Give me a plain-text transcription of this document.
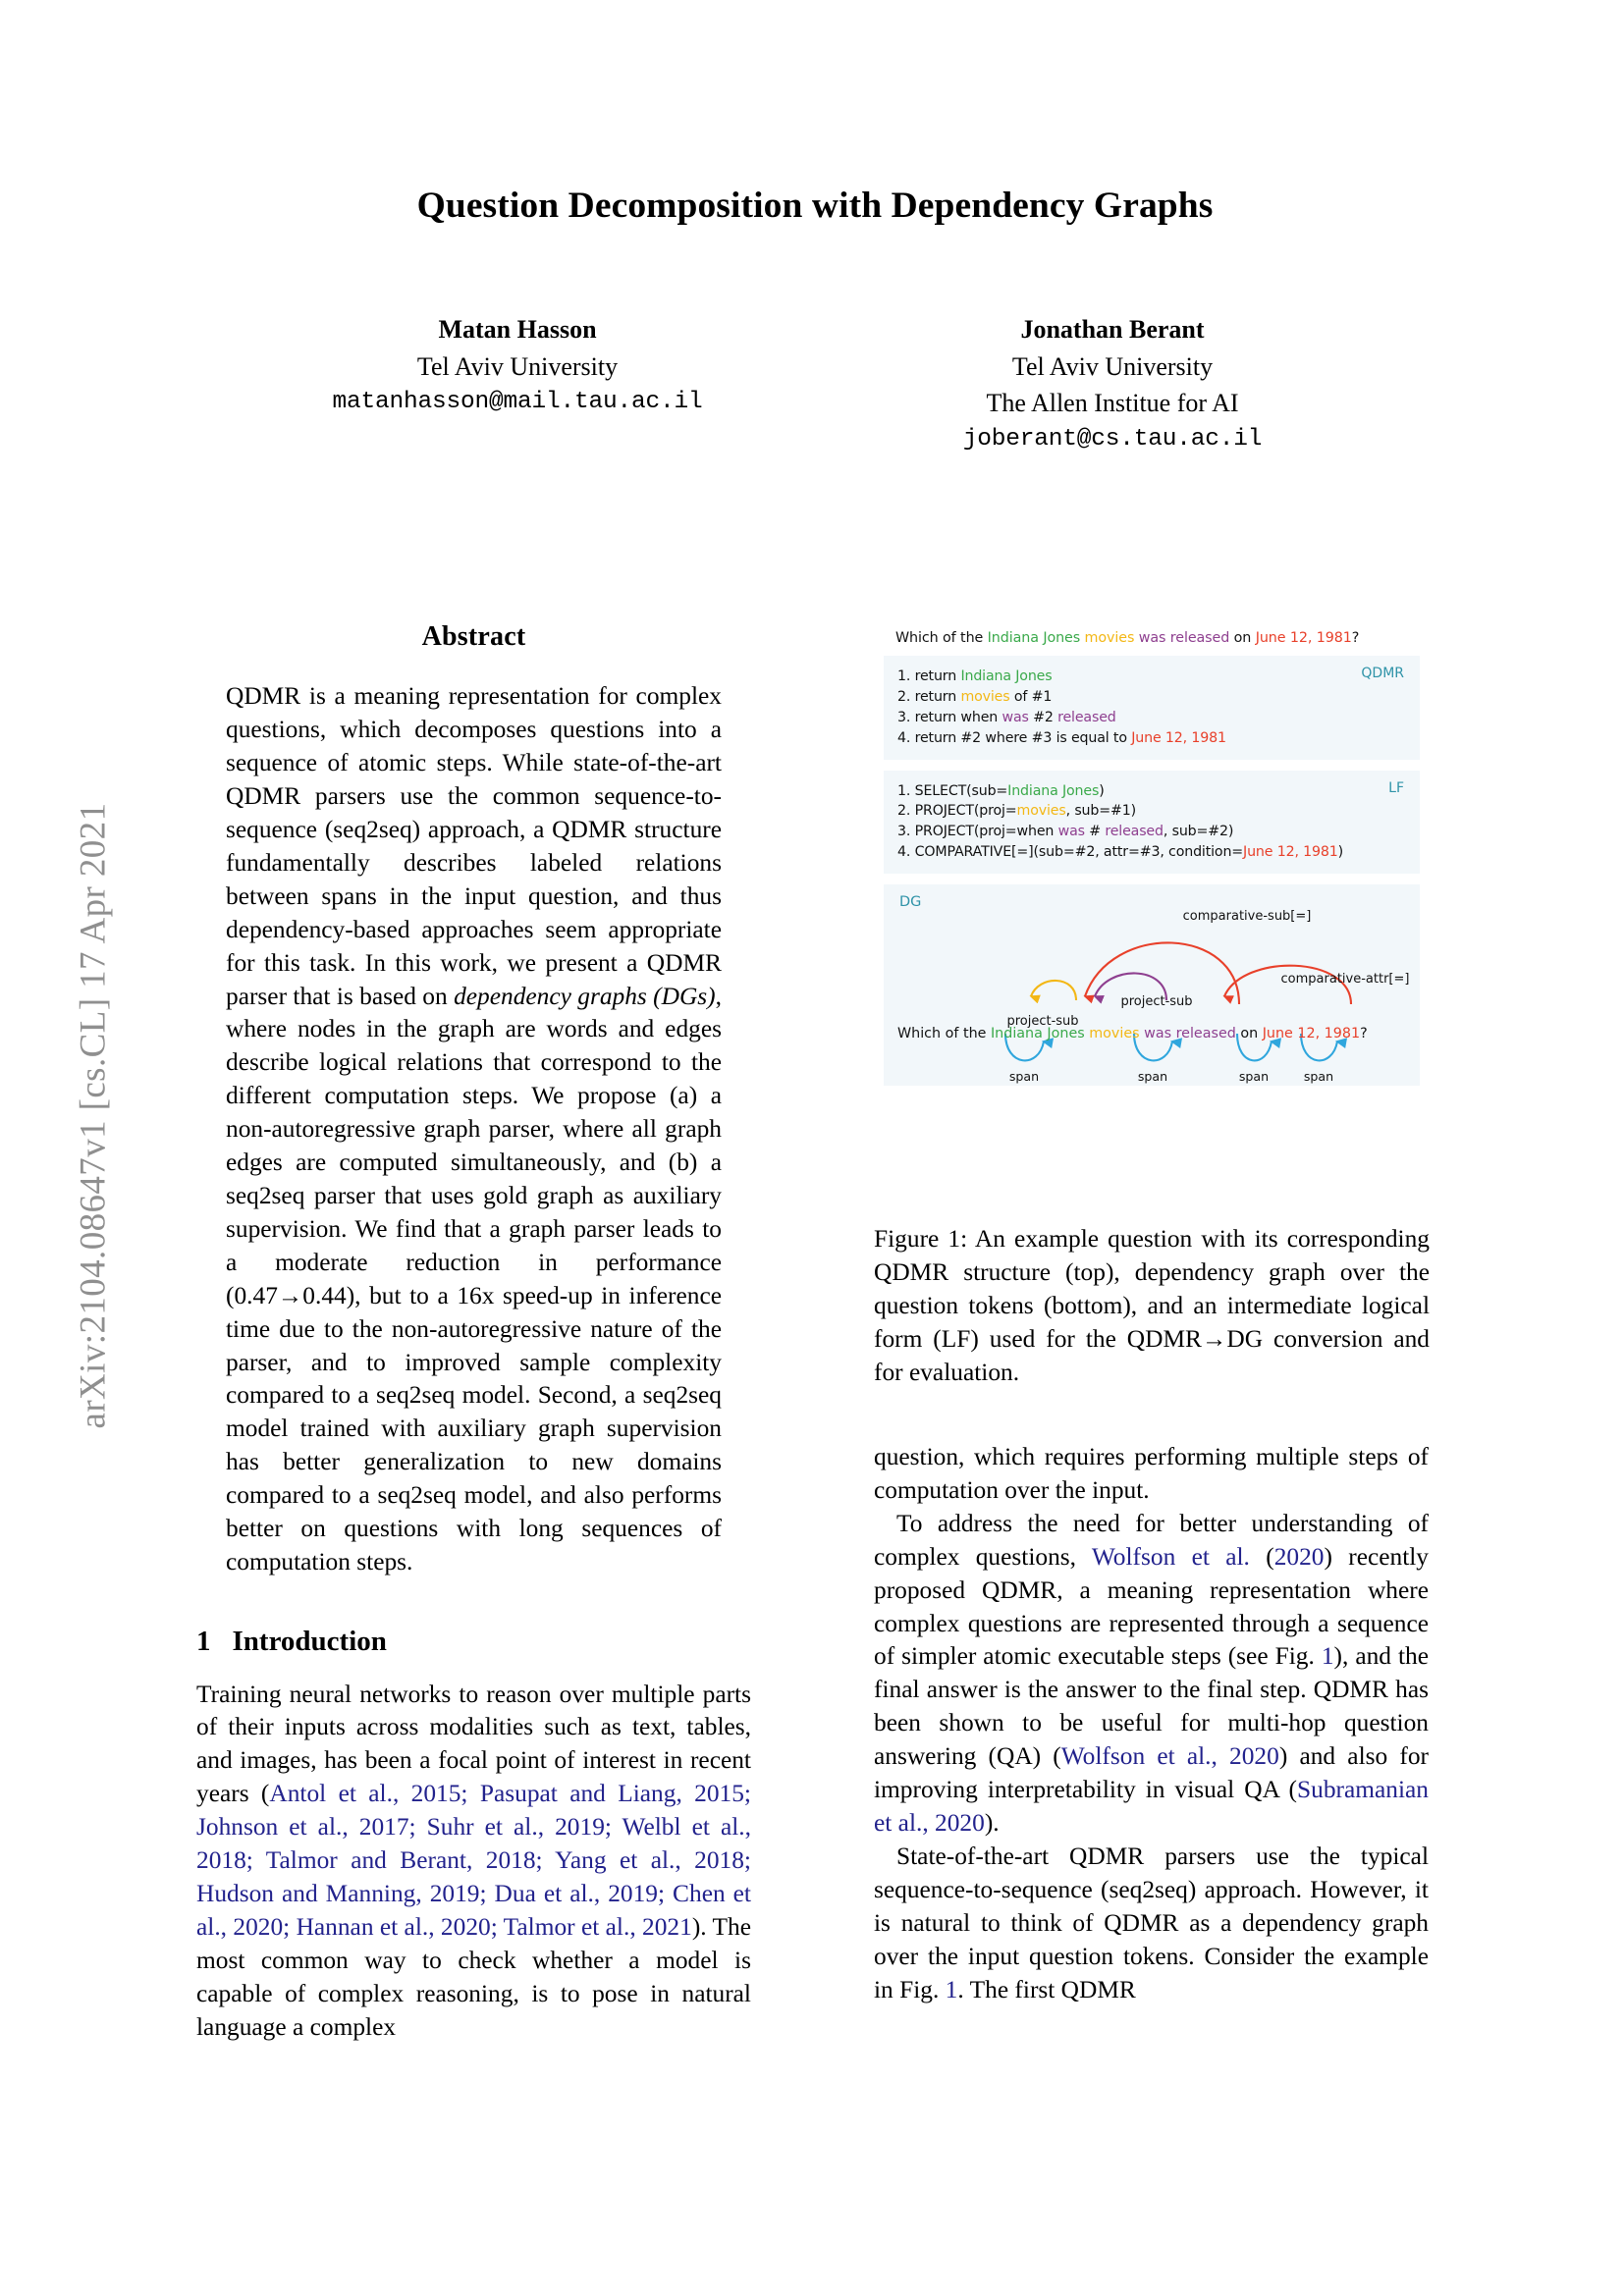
arXiv:2104.08647v1 [cs.CL] 17 Apr 2021
Question Decomposition with Dependency Graphs
Matan Hasson
Tel Aviv University
matanhasson@mail.tau.ac.il
Jonathan Berant
Tel Aviv University
The Allen Institue for AI
joberant@cs.tau.ac.il
Abstract
QDMR is a meaning representation for complex questions, which decomposes questions into a sequence of atomic steps. While state-of-the-art QDMR parsers use the common sequence-to-sequence (seq2seq) approach, a QDMR structure fundamentally describes labeled relations between spans in the input question, and thus dependency-based approaches seem appropriate for this task. In this work, we present a QDMR parser that is based on dependency graphs (DGs), where nodes in the graph are words and edges describe logical relations that correspond to the different computation steps. We propose (a) a non-autoregressive graph parser, where all graph edges are computed simultaneously, and (b) a seq2seq parser that uses gold graph as auxiliary supervision. We find that a graph parser leads to a moderate reduction in performance (0.47→0.44), but to a 16x speed-up in inference time due to the non-autoregressive nature of the parser, and to improved sample complexity compared to a seq2seq model. Second, a seq2seq model trained with auxiliary graph supervision has better generalization to new domains compared to a seq2seq model, and also performs better on questions with long sequences of computation steps.
1 Introduction

Training neural networks to reason over multiple parts of their inputs across modalities such as text, tables, and images, has been a focal point of interest in recent years (Antol et al., 2015; Pasupat and Liang, 2015; Johnson et al., 2017; Suhr et al., 2019; Welbl et al., 2018; Talmor and Berant, 2018; Yang et al., 2018; Hudson and Manning, 2019; Dua et al., 2019; Chen et al., 2020; Hannan et al., 2020; Talmor et al., 2021). The most common way to check whether a model is capable of complex reasoning, is to pose in natural language a complex

Which of the Indiana Jones movies was released on June 12, 1981?
QDMR
1. return Indiana Jones
2. return movies of #1
3. return when was #2 released
4. return #2 where #3 is equal to June 12, 1981
LF
1. SELECT(sub=Indiana Jones)
2. PROJECT(proj=movies, sub=#1)
3. PROJECT(proj=when was # released, sub=#2)
4. COMPARATIVE[=](sub=#2, attr=#3, condition=June 12, 1981)
DG
comparative-sub[=]
comparative-attr[=]
project-sub
project-sub
Which of the Indiana Jones movies was released on June 12, 1981?
span	span	span	span
Figure 1: An example question with its corresponding QDMR structure (top), dependency graph over the question tokens (bottom), and an intermediate logical form (LF) used for the QDMR→DG conversion and for evaluation.

question, which requires performing multiple steps of computation over the input.

To address the need for better understanding of complex questions, Wolfson et al. (2020) recently proposed QDMR, a meaning representation where complex questions are represented through a sequence of simpler atomic executable steps (see Fig. 1), and the final answer is the answer to the final step. QDMR has been shown to be useful for multi-hop question answering (QA) (Wolfson et al., 2020) and also for improving interpretability in visual QA (Subramanian et al., 2020).

State-of-the-art QDMR parsers use the typical sequence-to-sequence (seq2seq) approach. However, it is natural to think of QDMR as a dependency graph over the input question tokens. Consider the example in Fig. 1. The first QDMR
